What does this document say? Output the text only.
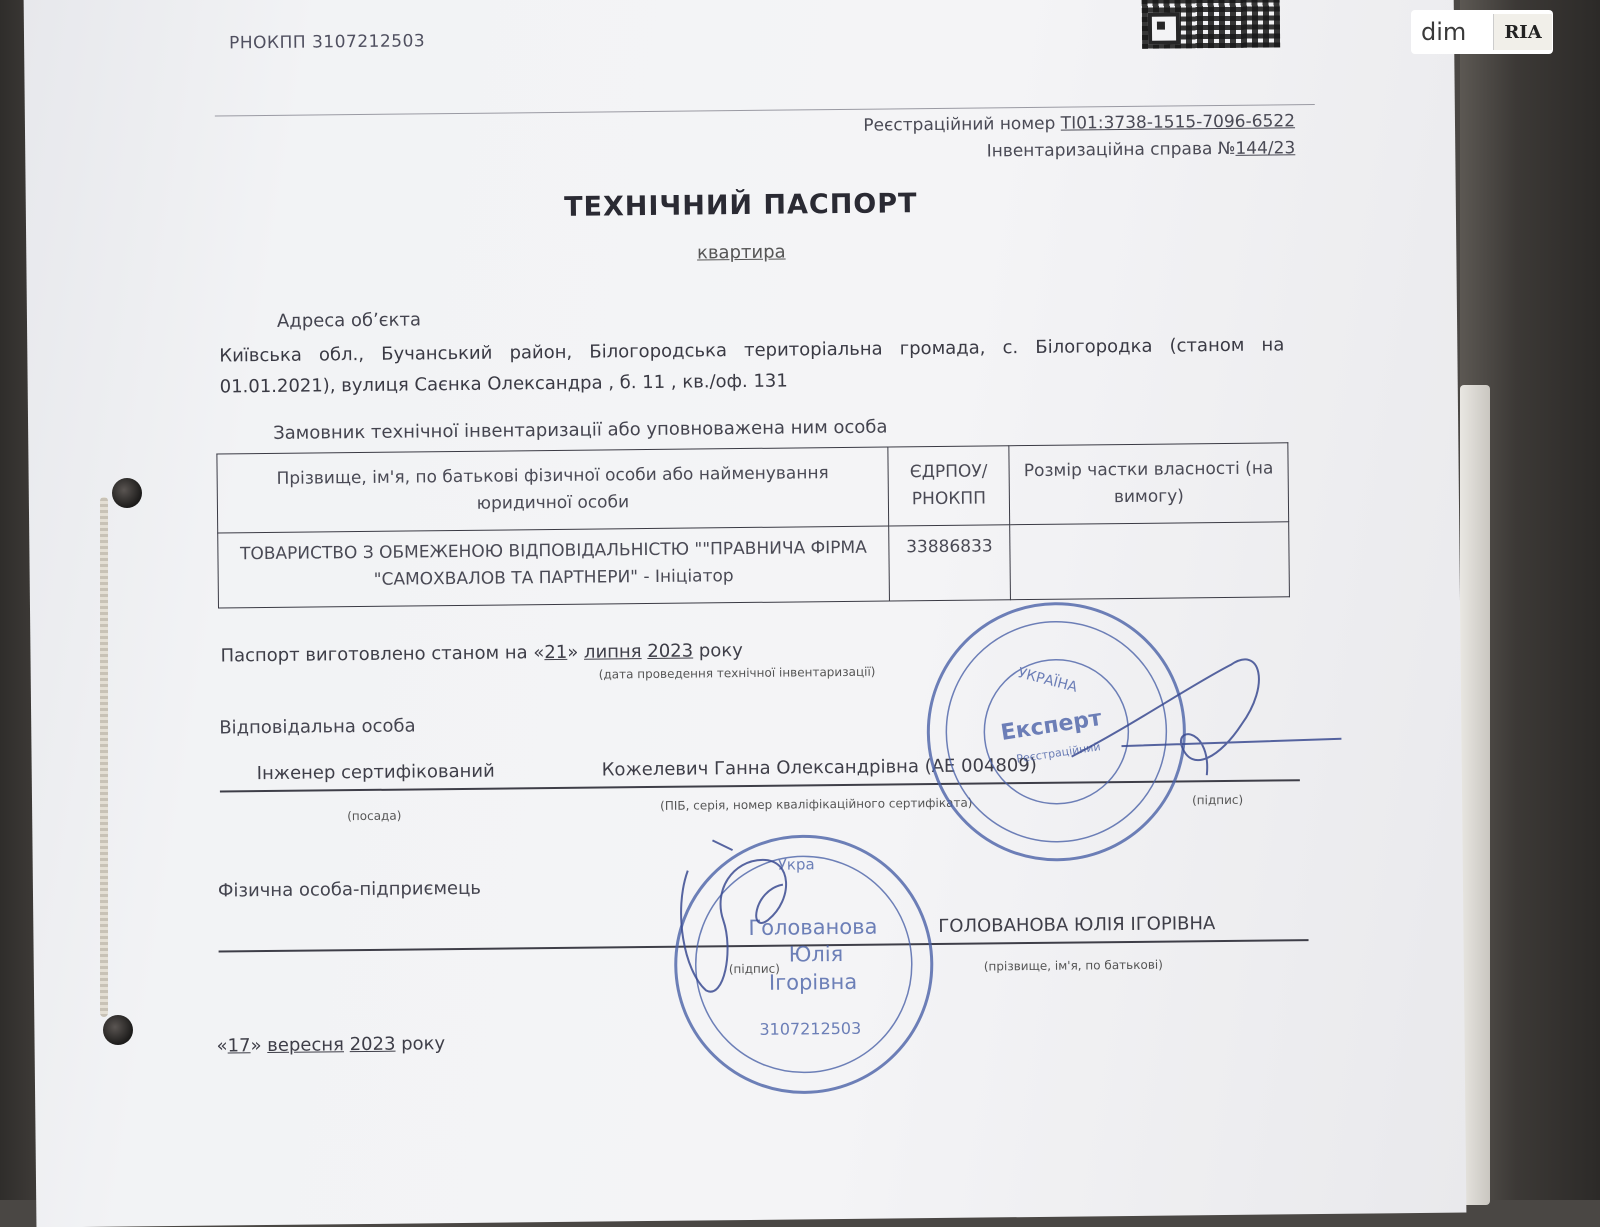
РНОКПП 3107212503
Реєстраційний номер ТІ01:3738-1515-7096-6522
Інвентаризаційна справа №144/23
ТЕХНІЧНИЙ ПАСПОРТ
квартира
Адреса об’єкта
Київська обл., Бучанський район, Білогородська територіальна громада, с. Білогородка (станом на 01.01.2021), вулиця Саєнка Олександра , б. 11 , кв./оф. 131
Замовник технічної інвентаризації або уповноважена ним особа
Прізвище, ім'я, по батькові фізичної особи або найменування юридичної особи	ЄДРПОУ/ РНОКПП	Розмір частки власності (на вимогу)
ТОВАРИСТВО З ОБМЕЖЕНОЮ ВІДПОВІДАЛЬНІСТЮ ""ПРАВНИЧА ФІРМА "САМОХВАЛОВ ТА ПАРТНЕРИ" - Ініціатор	33886833	
Паспорт виготовлено станом на «21» липня 2023 року
(дата проведення технічної інвентаризації)
Відповідальна особа
Інженер сертифікований	Кожелевич Ганна Олександрівна (АЕ 004809)
(посада)
(ПІБ, серія, номер кваліфікаційного сертифіката)	(підпис)
Фізична особа-підприємець
ГОЛОВАНОВА ЮЛІЯ ІГОРІВНА
(підпис)	(прізвище, ім'я, по батькові)
«17» вересня 2023 року
УКРАЇНА
Експерт
Реєстраційний
Укра
Голованова
Юлія
Ігорівна
3107212503
dim	RIA
